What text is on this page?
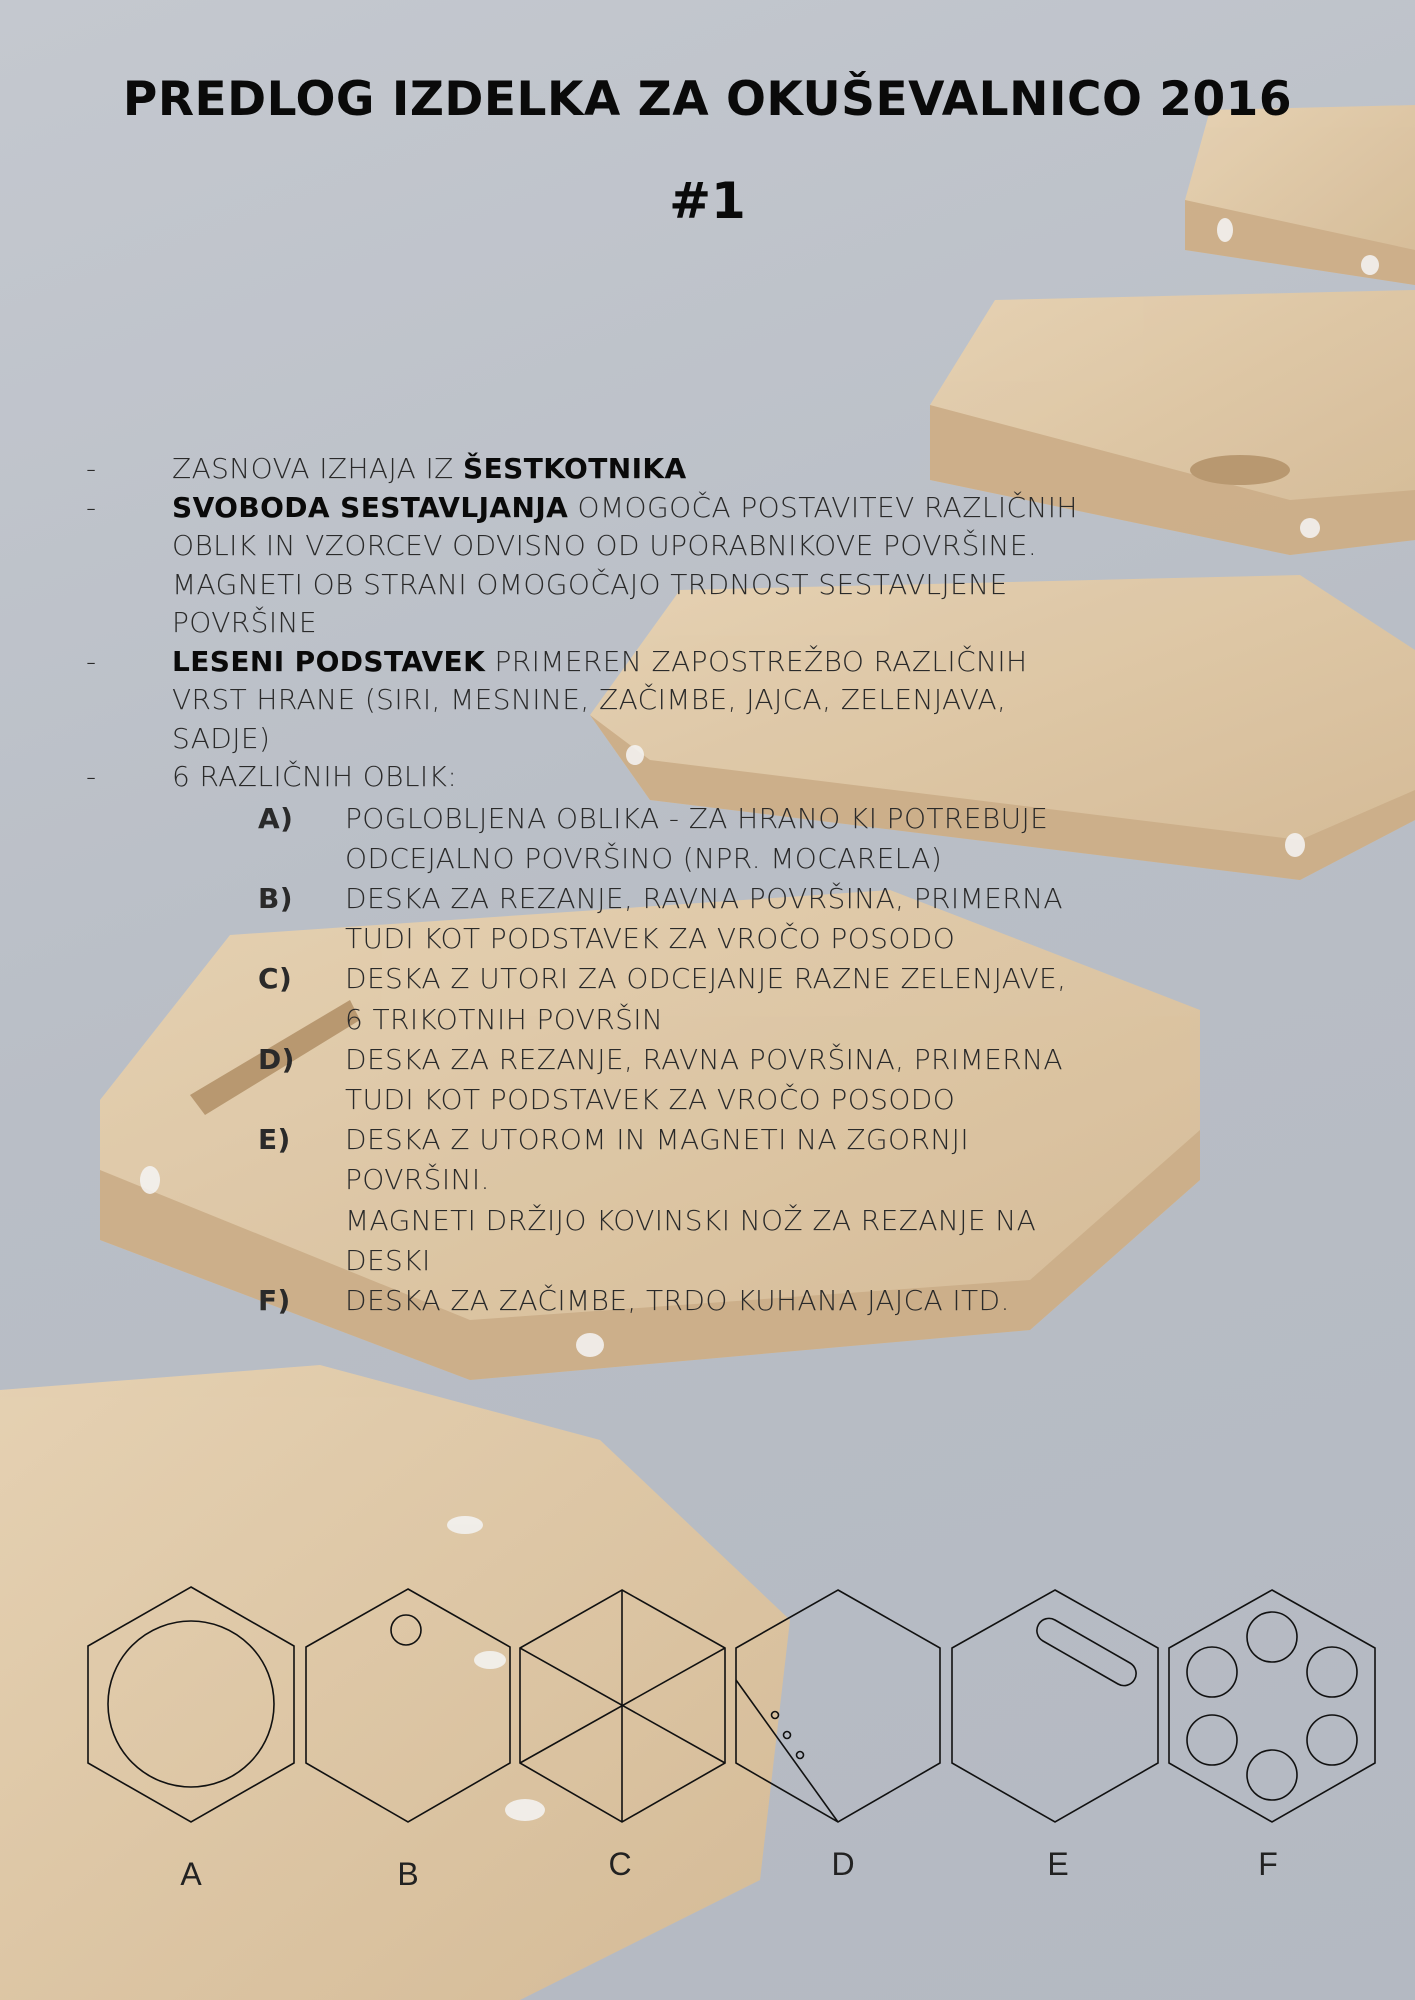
PREDLOG IZDELKA ZA OKUŠEVALNICO 2016
#1
-	ZASNOVA IZHAJA IZ ŠESTKOTNIKA
-	SVOBODA SESTAVLJANJA OMOGOČA POSTAVITEV RAZLIČNIH
OBLIK IN VZORCEV ODVISNO OD UPORABNIKOVE POVRŠINE.
MAGNETI OB STRANI OMOGOČAJO TRDNOST SESTAVLJENE
POVRŠINE
-	LESENI PODSTAVEK PRIMEREN ZAPOSTREŽBO RAZLIČNIH
VRST HRANE (SIRI, MESNINE, ZAČIMBE, JAJCA, ZELENJAVA,
SADJE)
-	6 RAZLIČNIH OBLIK:
A) POGLOBLJENA OBLIKA - ZA HRANO KI POTREBUJE
ODCEJALNO POVRŠINO (NPR. MOCARELA)
B) DESKA ZA REZANJE, RAVNA POVRŠINA, PRIMERNA
TUDI KOT PODSTAVEK ZA VROČO POSODO
C) DESKA Z UTORI ZA ODCEJANJE RAZNE ZELENJAVE,
6 TRIKOTNIH POVRŠIN
D) DESKA ZA REZANJE, RAVNA POVRŠINA, PRIMERNA
TUDI KOT PODSTAVEK ZA VROČO POSODO
E) DESKA Z UTOROM IN MAGNETI NA ZGORNJI
POVRŠINI.
MAGNETI DRŽIJO KOVINSKI NOŽ ZA REZANJE NA
DESKI
F) DESKA ZA ZAČIMBE, TRDO KUHANA JAJCA ITD.
A	B	C	D	E	F
